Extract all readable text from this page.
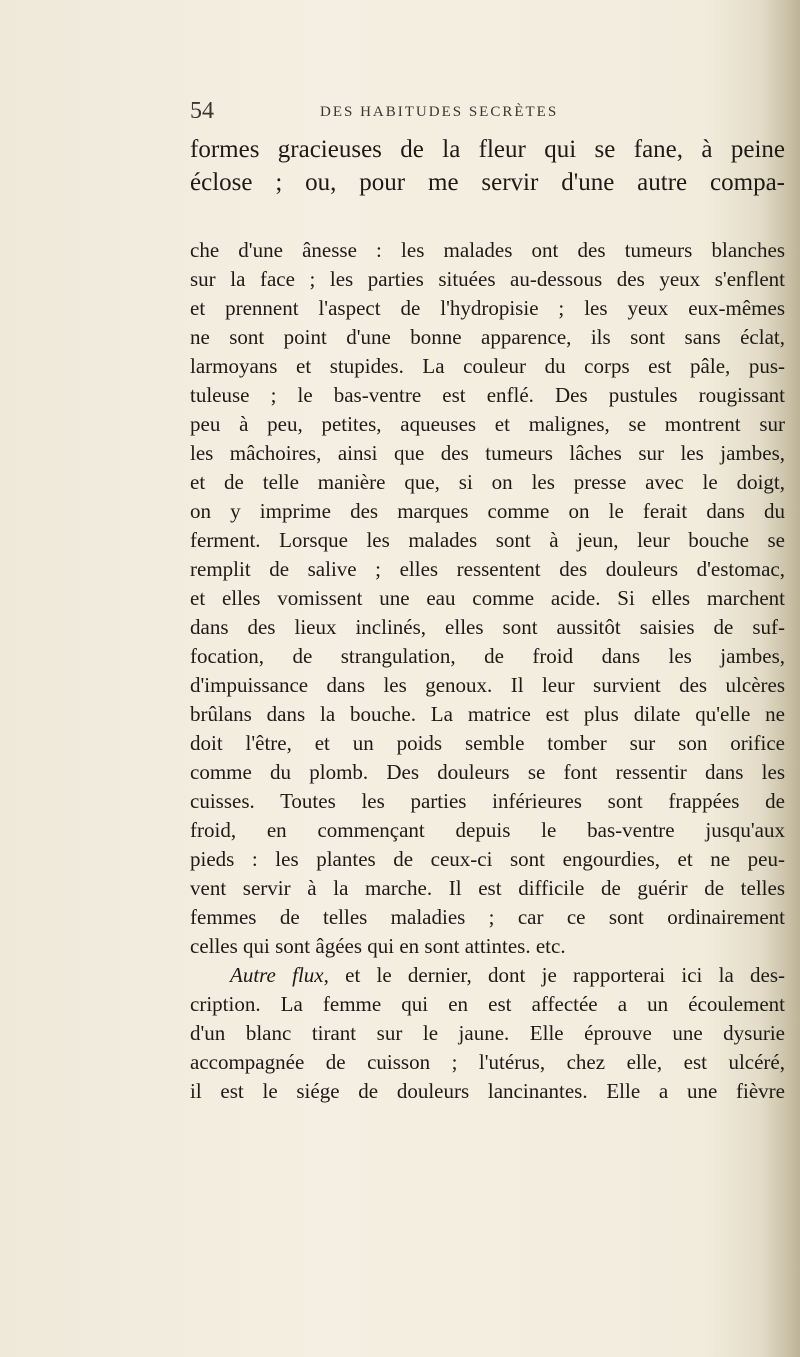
54	DES HABITUDES SECRÈTES
formes gracieuses de la fleur qui se fane, à peine
éclose ; ou, pour me servir d'une autre compa-
che d'une ânesse : les malades ont des tumeurs blanches
sur la face ; les parties situées au-dessous des yeux s'enflent
et prennent l'aspect de l'hydropisie ; les yeux eux-mêmes
ne sont point d'une bonne apparence, ils sont sans éclat,
larmoyans et stupides. La couleur du corps est pâle, pus-
tuleuse ; le bas-ventre est enflé. Des pustules rougissant
peu à peu, petites, aqueuses et malignes, se montrent sur
les mâchoires, ainsi que des tumeurs lâches sur les jambes,
et de telle manière que, si on les presse avec le doigt,
on y imprime des marques comme on le ferait dans du
ferment. Lorsque les malades sont à jeun, leur bouche se
remplit de salive ; elles ressentent des douleurs d'estomac,
et elles vomissent une eau comme acide. Si elles marchent
dans des lieux inclinés, elles sont aussitôt saisies de suf-
focation, de strangulation, de froid dans les jambes,
d'impuissance dans les genoux. Il leur survient des ulcères
brûlans dans la bouche. La matrice est plus dilate qu'elle ne
doit l'être, et un poids semble tomber sur son orifice
comme du plomb. Des douleurs se font ressentir dans les
cuisses. Toutes les parties inférieures sont frappées de
froid, en commençant depuis le bas-ventre jusqu'aux
pieds : les plantes de ceux-ci sont engourdies, et ne peu-
vent servir à la marche. Il est difficile de guérir de telles
femmes de telles maladies ; car ce sont ordinairement
celles qui sont âgées qui en sont attintes. etc.
Autre flux, et le dernier, dont je rapporterai ici la des-
cription. La femme qui en est affectée a un écoulement
d'un blanc tirant sur le jaune. Elle éprouve une dysurie
accompagnée de cuisson ; l'utérus, chez elle, est ulcéré,
il est le siége de douleurs lancinantes. Elle a une fièvre
